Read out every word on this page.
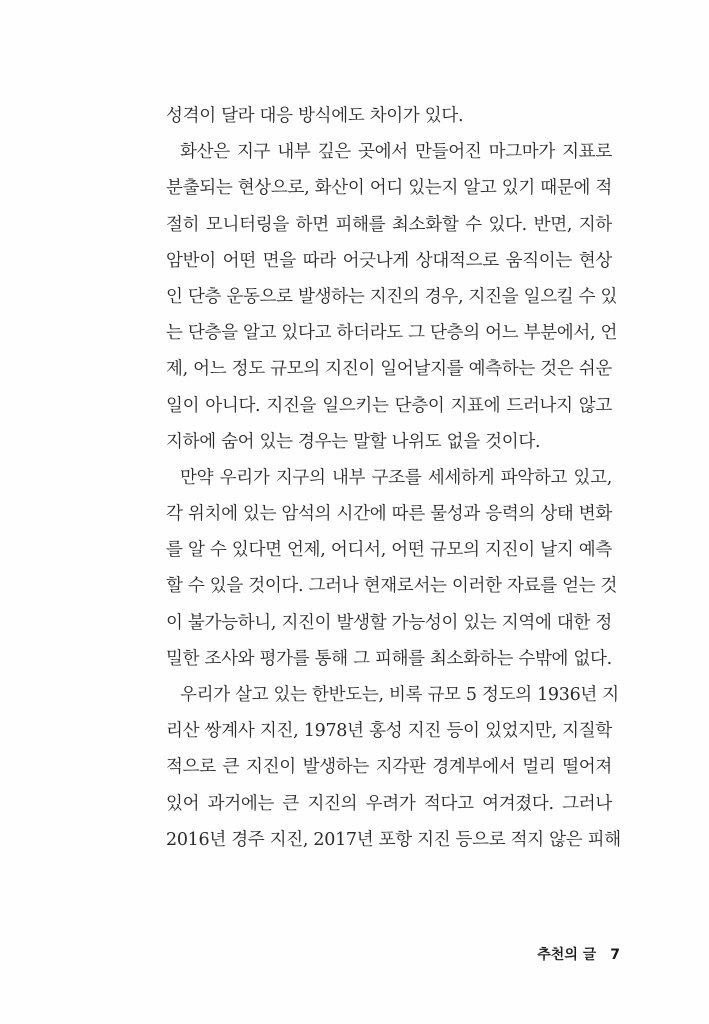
성격이 달라 대응 방식에도 차이가 있다.
화산은 지구 내부 깊은 곳에서 만들어진 마그마가 지표로
분출되는 현상으로, 화산이 어디 있는지 알고 있기 때문에 적
절히 모니터링을 하면 피해를 최소화할 수 있다. 반면, 지하
암반이 어떤 면을 따라 어긋나게 상대적으로 움직이는 현상
인 단층 운동으로 발생하는 지진의 경우, 지진을 일으킬 수 있
는 단층을 알고 있다고 하더라도 그 단층의 어느 부분에서, 언
제, 어느 정도 규모의 지진이 일어날지를 예측하는 것은 쉬운
일이 아니다. 지진을 일으키는 단층이 지표에 드러나지 않고
지하에 숨어 있는 경우는 말할 나위도 없을 것이다.
만약 우리가 지구의 내부 구조를 세세하게 파악하고 있고,
각 위치에 있는 암석의 시간에 따른 물성과 응력의 상태 변화
를 알 수 있다면 언제, 어디서, 어떤 규모의 지진이 날지 예측
할 수 있을 것이다. 그러나 현재로서는 이러한 자료를 얻는 것
이 불가능하니, 지진이 발생할 가능성이 있는 지역에 대한 정
밀한 조사와 평가를 통해 그 피해를 최소화하는 수밖에 없다.
우리가 살고 있는 한반도는, 비록 규모 5 정도의 1936년 지
리산 쌍계사 지진, 1978년 홍성 지진 등이 있었지만, 지질학
적으로 큰 지진이 발생하는 지각판 경계부에서 멀리 떨어져
있어 과거에는 큰 지진의 우려가 적다고 여겨졌다. 그러나
2016년 경주 지진, 2017년 포항 지진 등으로 적지 않은 피해
추천의 글 7
